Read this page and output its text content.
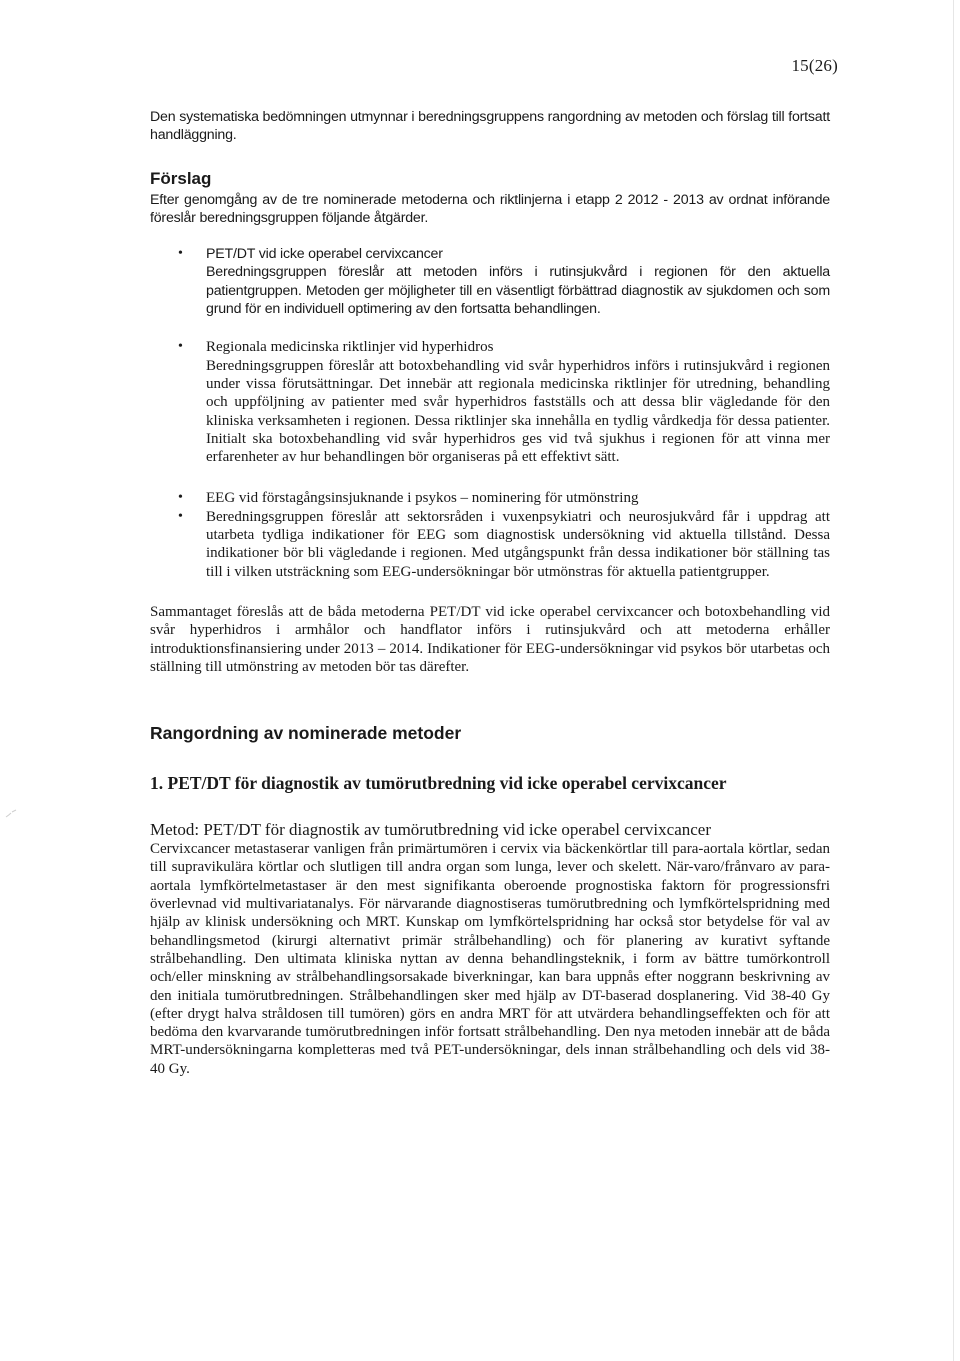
15(26)

Den systematiska bedömningen utmynnar i beredningsgruppens rangordning av metoden och förslag till fortsatt handläggning.

Förslag

Efter genomgång av de tre nominerade metoderna och riktlinjerna i etapp 2 2012 - 2013 av ordnat införande föreslår beredningsgruppen följande åtgärder.

• PET/DT vid icke operabel cervixcancer
Beredningsgruppen föreslår att metoden införs i rutinsjukvård i regionen för den aktuella patientgruppen. Metoden ger möjligheter till en väsentligt förbättrad diagnostik av sjukdomen och som grund för en individuell optimering av den fortsatta behandlingen.
• Regionala medicinska riktlinjer vid hyperhidros
Beredningsgruppen föreslår att botoxbehandling vid svår hyperhidros införs i rutinsjukvård i regionen under vissa förutsättningar. Det innebär att regionala medicinska riktlinjer för utredning, behandling och uppföljning av patienter med svår hyperhidros fastställs och att dessa blir vägledande för den kliniska verksamheten i regionen. Dessa riktlinjer ska innehålla en tydlig vårdkedja för dessa patienter. Initialt ska botoxbehandling vid svår hyperhidros ges vid två sjukhus i regionen för att vinna mer erfarenheter av hur behandlingen bör organiseras på ett effektivt sätt.
• EEG vid förstagångsinsjuknande i psykos – nominering för utmönstring
• Beredningsgruppen föreslår att sektorsråden i vuxenpsykiatri och neurosjukvård får i uppdrag att utarbeta tydliga indikationer för EEG som diagnostisk undersökning vid aktuella tillstånd. Dessa indikationer bör bli vägledande i regionen. Med utgångspunkt från dessa indikationer bör ställning tas till i vilken utsträckning som EEG-undersökningar bör utmönstras för aktuella patientgrupper.

Sammantaget föreslås att de båda metoderna PET/DT vid icke operabel cervixcancer och botoxbehandling vid svår hyperhidros i armhålor och handflator införs i rutinsjukvård och att metoderna erhåller introduktionsfinansiering under 2013 – 2014. Indikationer för EEG-undersökningar vid psykos bör utarbetas och ställning till utmönstring av metoden bör tas därefter.

Rangordning av nominerade metoder
1. PET/DT för diagnostik av tumörutbredning vid icke operabel cervixcancer

Metod: PET/DT för diagnostik av tumörutbredning vid icke operabel cervixcancer

Cervixcancer metastaserar vanligen från primärtumören i cervix via bäckenkörtlar till para-aortala körtlar, sedan till supravikulära körtlar och slutligen till andra organ som lunga, lever och skelett. När-varo/frånvaro av para-aortala lymfkörtelmetastaser är den mest signifikanta oberoende prognostiska faktorn för progressionsfri överlevnad vid multivariatanalys. För närvarande diagnostiseras tumörutbredning och lymfkörtelspridning med hjälp av klinisk undersökning och MRT. Kunskap om lymfkörtelspridning har också stor betydelse för val av behandlingsmetod (kirurgi alternativt primär strålbehandling) och för planering av kurativt syftande strålbehandling. Den ultimata kliniska nyttan av denna behandlingsteknik, i form av bättre tumörkontroll och/eller minskning av strålbehandlingsorsakade biverkningar, kan bara uppnås efter noggrann beskrivning av den initiala tumörutbredningen. Strålbehandlingen sker med hjälp av DT-baserad dosplanering. Vid 38-40 Gy (efter drygt halva stråldosen till tumören) görs en andra MRT för att utvärdera behandlingseffekten och för att bedöma den kvarvarande tumörutbredningen inför fortsatt strålbehandling. Den nya metoden innebär att de båda MRT-undersökningarna kompletteras med två PET-undersökningar, dels innan strålbehandling och dels vid 38-40 Gy.
